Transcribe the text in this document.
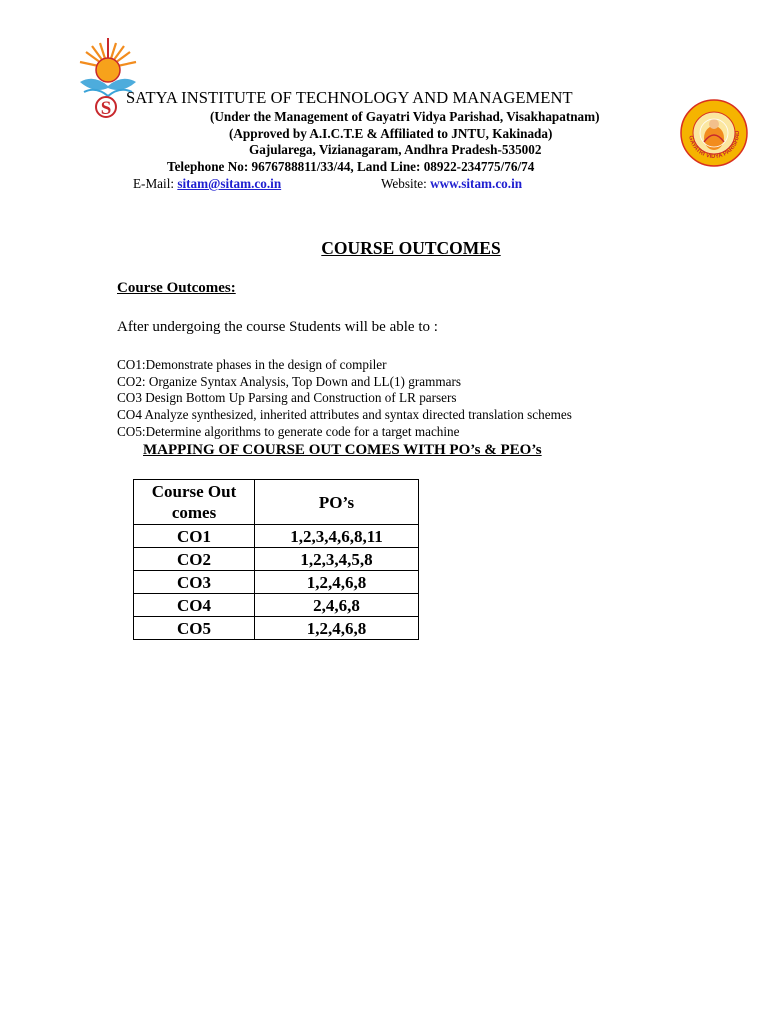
S
GAYATRI VIDYA PARISHAD
SATYA INSTITUTE OF TECHNOLOGY AND MANAGEMENT
(Under the Management of Gayatri Vidya Parishad, Visakhapatnam)
(Approved by A.I.C.T.E & Affiliated to JNTU, Kakinada)
Gajularega, Vizianagaram, Andhra Pradesh-535002
Telephone No: 9676788811/33/44, Land Line: 08922-234775/76/74
E-Mail: sitam@sitam.co.in	Website: www.sitam.co.in
COURSE OUTCOMES
Course Outcomes:
After undergoing the course Students will be able to :
CO1:Demonstrate phases in the design of compiler
CO2: Organize Syntax Analysis, Top Down and LL(1) grammars
CO3 Design Bottom Up Parsing and Construction of LR parsers
CO4 Analyze synthesized, inherited attributes and syntax directed translation schemes
CO5:Determine algorithms to generate code for a target machine
MAPPING OF COURSE OUT COMES WITH PO’s & PEO’s
Course Out comes	PO’s
CO1	1,2,3,4,6,8,11
CO2	1,2,3,4,5,8
CO3	1,2,4,6,8
CO4	2,4,6,8
CO5	1,2,4,6,8
